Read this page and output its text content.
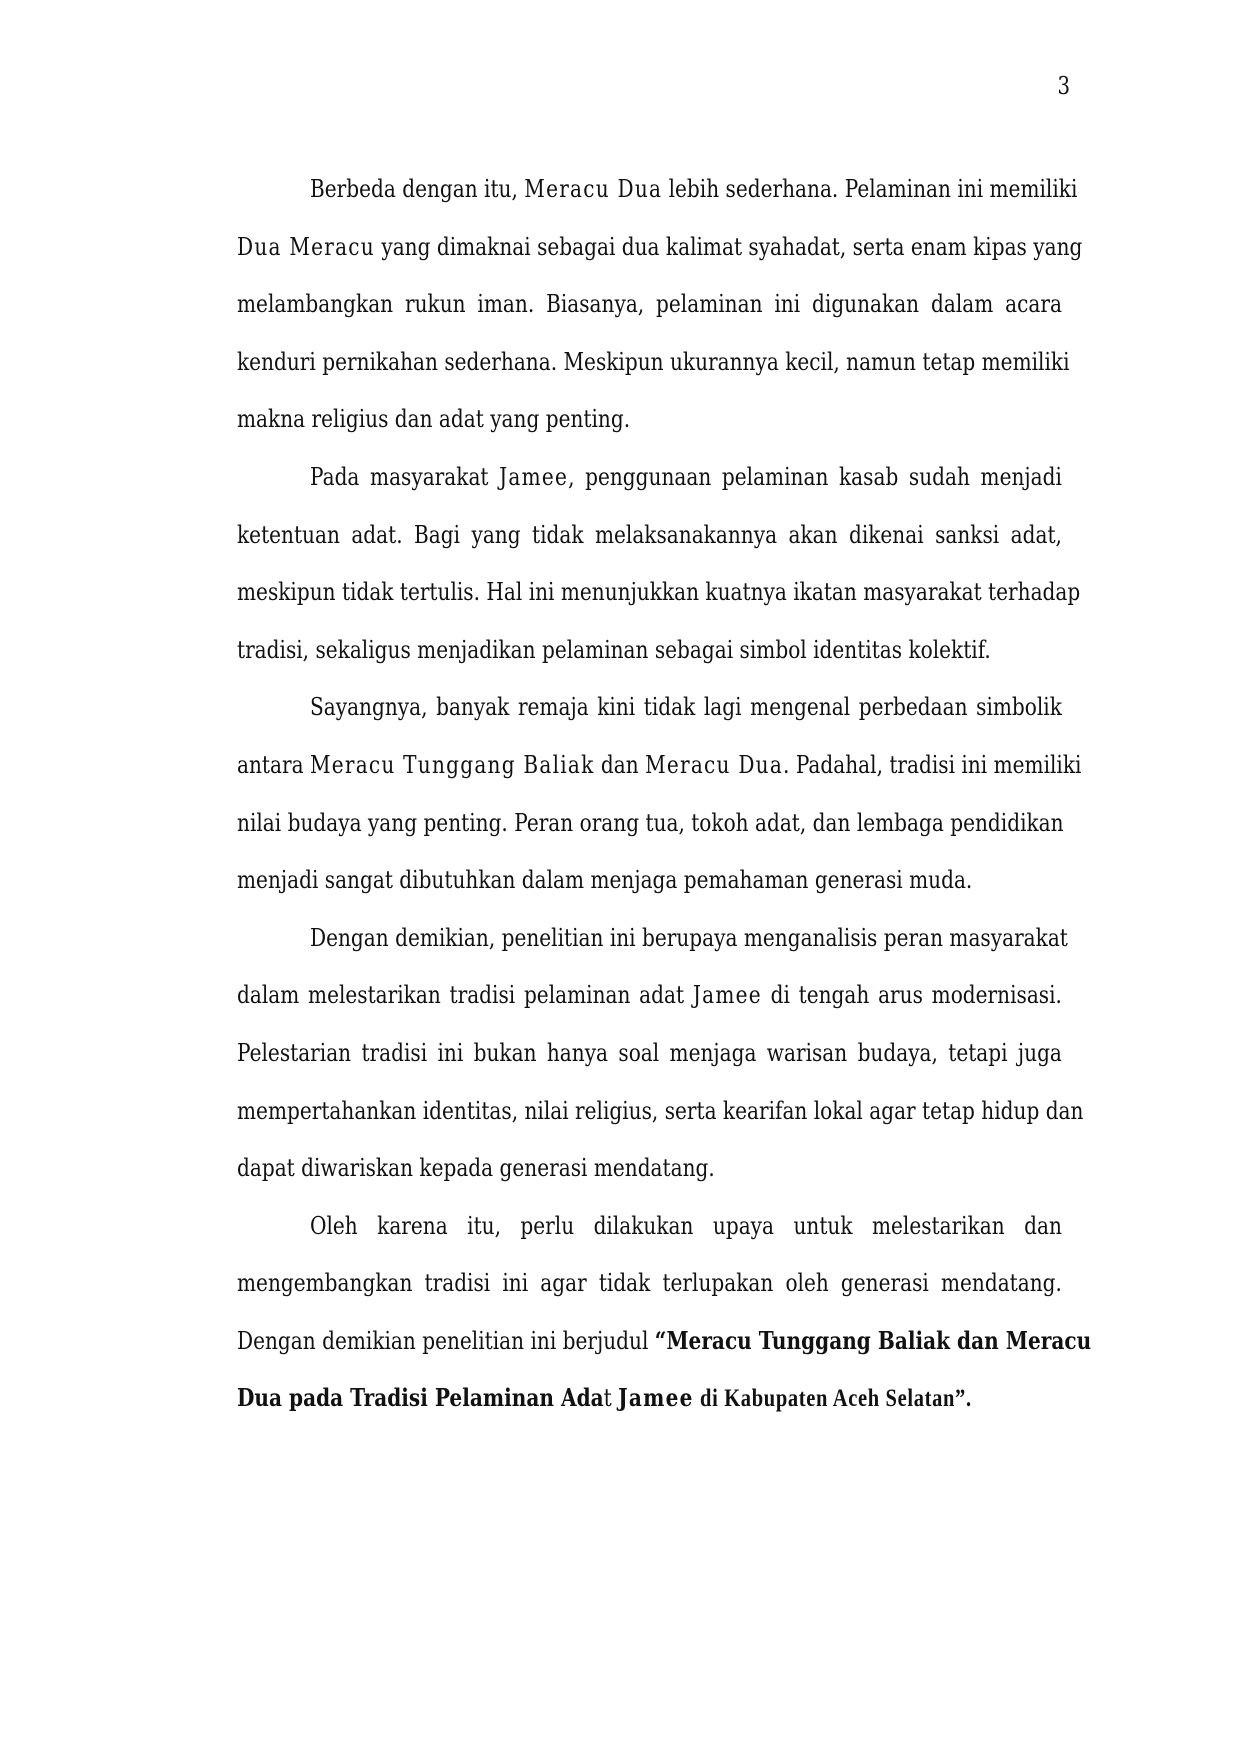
3
Berbeda dengan itu, Meracu Dua lebih sederhana. Pelaminan ini memiliki
Dua Meracu yang dimaknai sebagai dua kalimat syahadat, serta enam kipas yang
melambangkan rukun iman. Biasanya, pelaminan ini digunakan dalam acara
kenduri pernikahan sederhana. Meskipun ukurannya kecil, namun tetap memiliki
makna religius dan adat yang penting.
Pada masyarakat Jamee, penggunaan pelaminan kasab sudah menjadi
ketentuan adat. Bagi yang tidak melaksanakannya akan dikenai sanksi adat,
meskipun tidak tertulis. Hal ini menunjukkan kuatnya ikatan masyarakat terhadap
tradisi, sekaligus menjadikan pelaminan sebagai simbol identitas kolektif.
Sayangnya, banyak remaja kini tidak lagi mengenal perbedaan simbolik
antara Meracu Tunggang Baliak dan Meracu Dua. Padahal, tradisi ini memiliki
nilai budaya yang penting. Peran orang tua, tokoh adat, dan lembaga pendidikan
menjadi sangat dibutuhkan dalam menjaga pemahaman generasi muda.
Dengan demikian, penelitian ini berupaya menganalisis peran masyarakat
dalam melestarikan tradisi pelaminan adat Jamee di tengah arus modernisasi.
Pelestarian tradisi ini bukan hanya soal menjaga warisan budaya, tetapi juga
mempertahankan identitas, nilai religius, serta kearifan lokal agar tetap hidup dan
dapat diwariskan kepada generasi mendatang.
Oleh karena itu, perlu dilakukan upaya untuk melestarikan dan
mengembangkan tradisi ini agar tidak terlupakan oleh generasi mendatang.
Dengan demikian penelitian ini berjudul “Meracu Tunggang Baliak dan Meracu
Dua pada Tradisi Pelaminan Adat Jamee di Kabupaten Aceh Selatan”.
